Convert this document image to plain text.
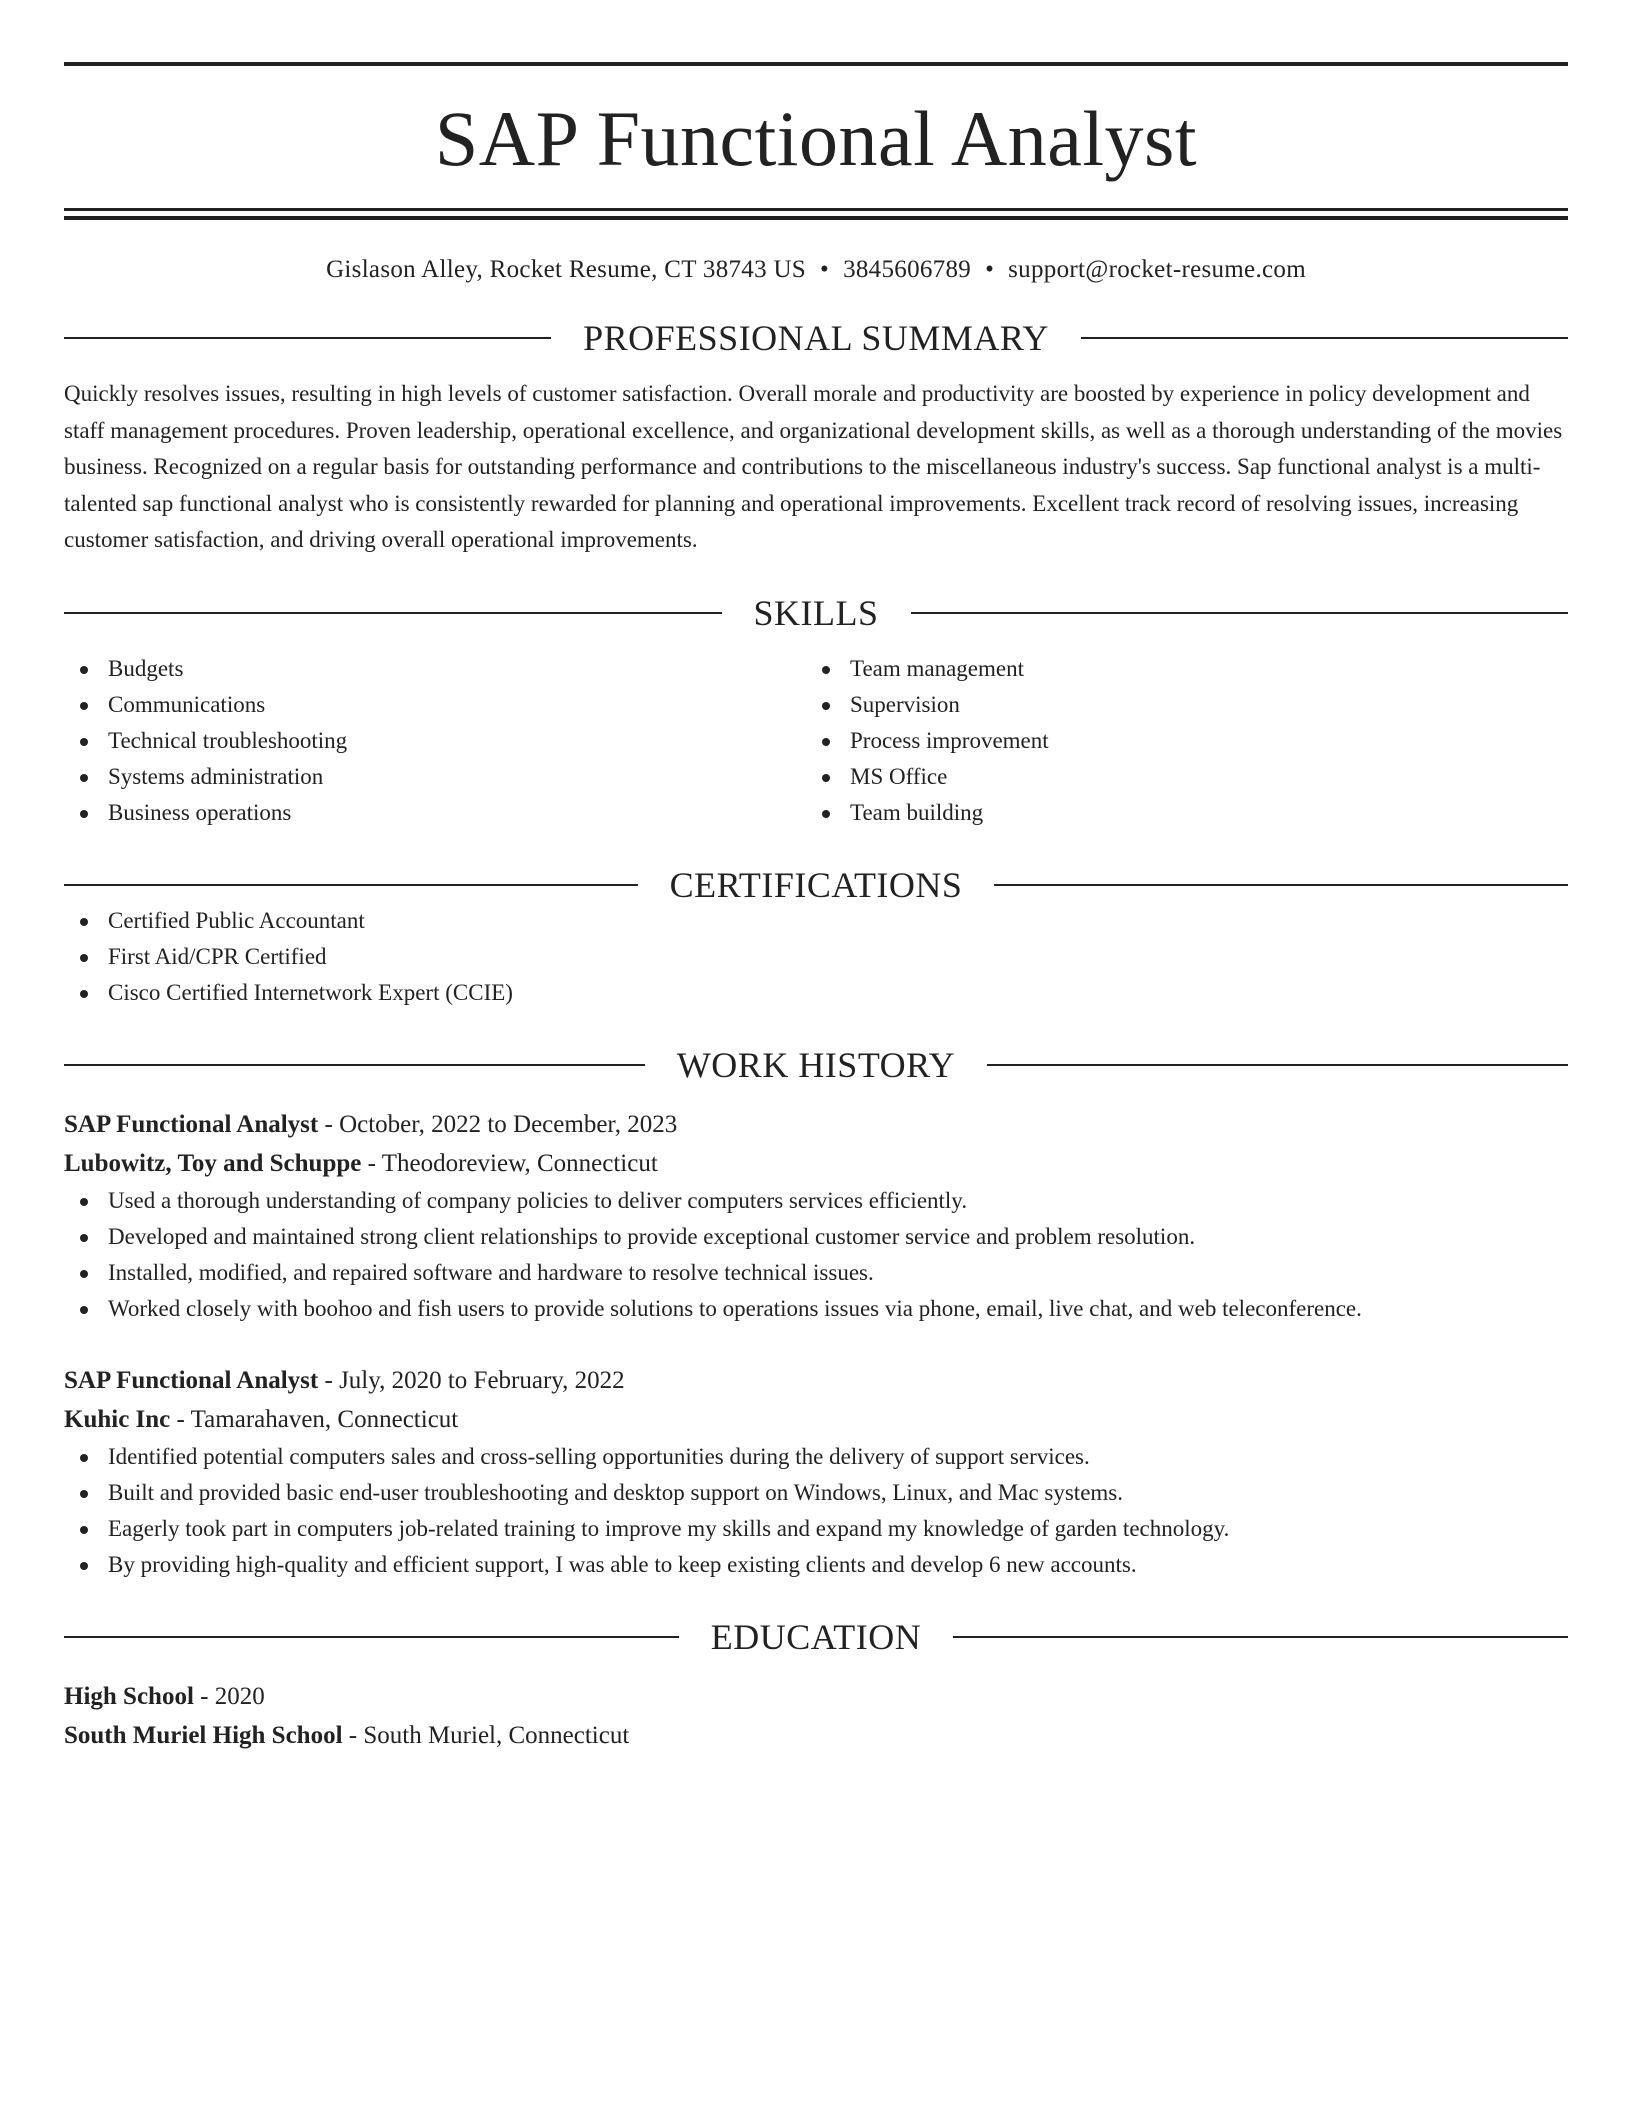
SAP Functional Analyst
Gislason Alley, Rocket Resume, CT 38743 US • 3845606789 • support@rocket-resume.com
PROFESSIONAL SUMMARY
Quickly resolves issues, resulting in high levels of customer satisfaction. Overall morale and productivity are boosted by experience in policy development and staff management procedures. Proven leadership, operational excellence, and organizational development skills, as well as a thorough understanding of the movies business. Recognized on a regular basis for outstanding performance and contributions to the miscellaneous industry's success. Sap functional analyst is a multi-talented sap functional analyst who is consistently rewarded for planning and operational improvements. Excellent track record of resolving issues, increasing customer satisfaction, and driving overall operational improvements.
SKILLS
Budgets
Communications
Technical troubleshooting
Systems administration
Business operations
Team management
Supervision
Process improvement
MS Office
Team building
CERTIFICATIONS
Certified Public Accountant
First Aid/CPR Certified
Cisco Certified Internetwork Expert (CCIE)
WORK HISTORY
SAP Functional Analyst - October, 2022 to December, 2023
Lubowitz, Toy and Schuppe - Theodoreview, Connecticut
Used a thorough understanding of company policies to deliver computers services efficiently.
Developed and maintained strong client relationships to provide exceptional customer service and problem resolution.
Installed, modified, and repaired software and hardware to resolve technical issues.
Worked closely with boohoo and fish users to provide solutions to operations issues via phone, email, live chat, and web teleconference.
SAP Functional Analyst - July, 2020 to February, 2022
Kuhic Inc - Tamarahaven, Connecticut
Identified potential computers sales and cross-selling opportunities during the delivery of support services.
Built and provided basic end-user troubleshooting and desktop support on Windows, Linux, and Mac systems.
Eagerly took part in computers job-related training to improve my skills and expand my knowledge of garden technology.
By providing high-quality and efficient support, I was able to keep existing clients and develop 6 new accounts.
EDUCATION
High School - 2020
South Muriel High School - South Muriel, Connecticut
